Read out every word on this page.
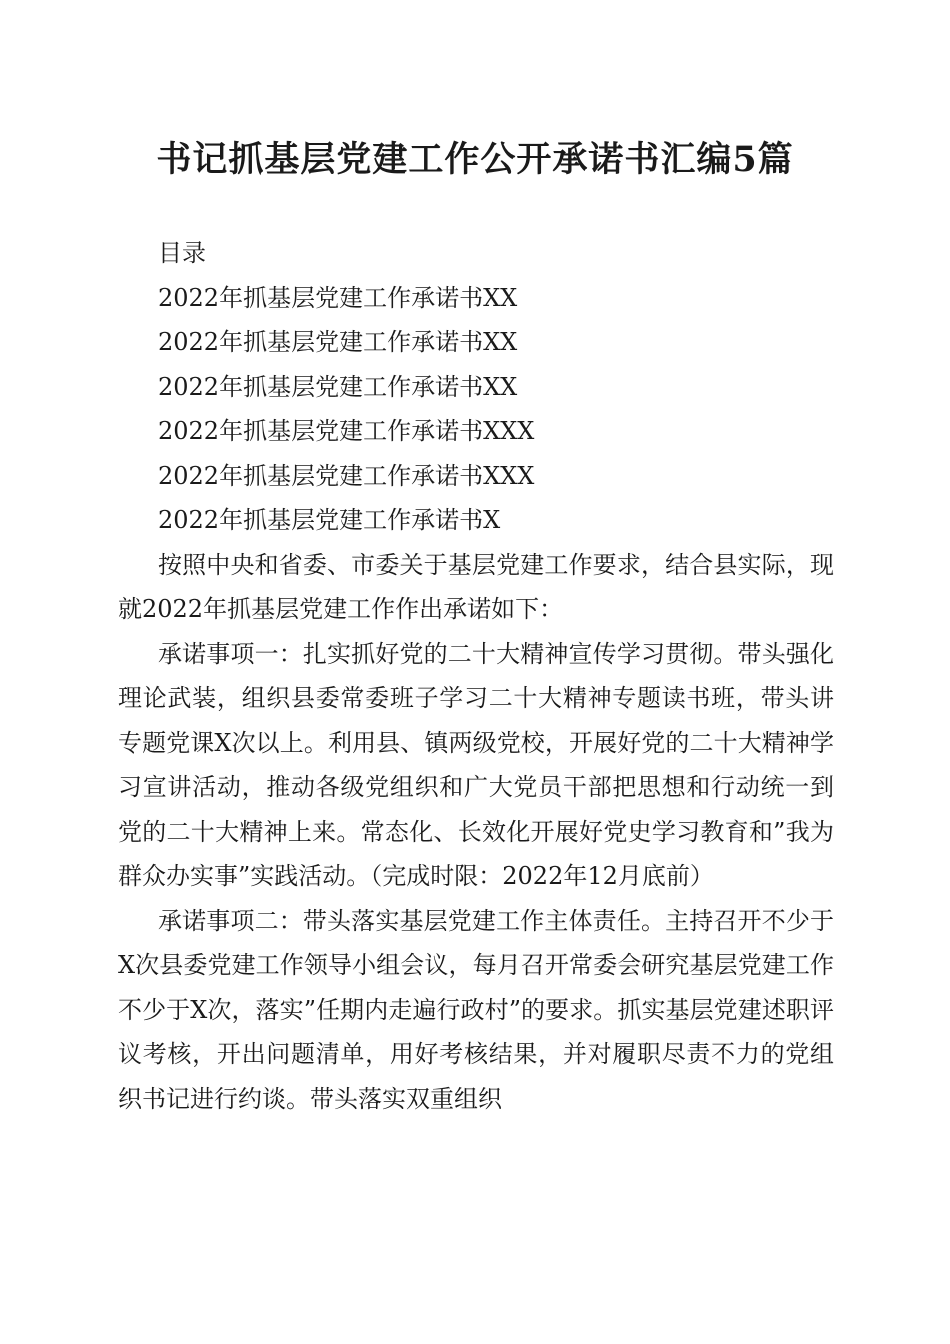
书记抓基层党建工作公开承诺书汇编5篇

目录

2022年抓基层党建工作承诺书XX

2022年抓基层党建工作承诺书XX

2022年抓基层党建工作承诺书XX

2022年抓基层党建工作承诺书XXX

2022年抓基层党建工作承诺书XXX

2022年抓基层党建工作承诺书X

按照中央和省委、市委关于基层党建工作要求，结合县实际，现就2022年抓基层党建工作作出承诺如下：

承诺事项一：扎实抓好党的二十大精神宣传学习贯彻。带头强化理论武装，组织县委常委班子学习二十大精神专题读书班，带头讲专题党课X次以上。利用县、镇两级党校，开展好党的二十大精神学习宣讲活动，推动各级党组织和广大党员干部把思想和行动统一到党的二十大精神上来。常态化、长效化开展好党史学习教育和”我为群众办实事”实践活动。（完成时限：2022年12月底前）

承诺事项二：带头落实基层党建工作主体责任。主持召开不少于X次县委党建工作领导小组会议，每月召开常委会研究基层党建工作不少于X次，落实”任期内走遍行政村”的要求。抓实基层党建述职评议考核，开出问题清单，用好考核结果，并对履职尽责不力的党组织书记进行约谈。带头落实双重组织
